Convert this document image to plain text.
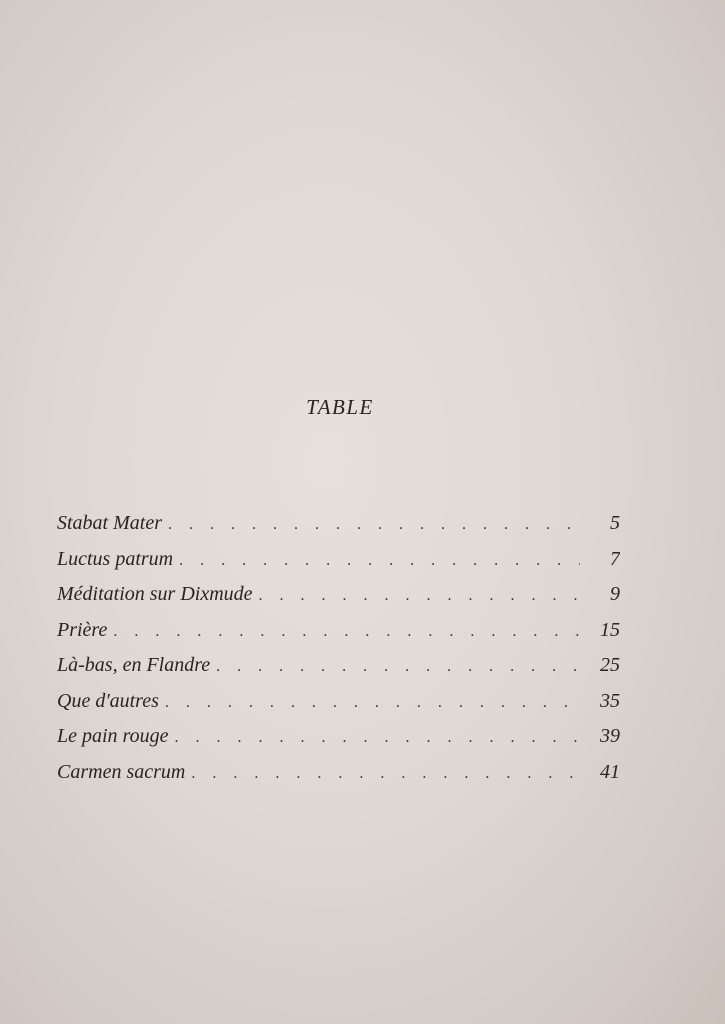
TABLE
Stabat Mater . . .	5
Luctus patrum . . .	7
Méditation sur Dixmude . . .	9
Prière . . .	15
Là-bas, en Flandre . . .	25
Que d'autres . . .	35
Le pain rouge . . .	39
Carmen sacrum . . .	41
